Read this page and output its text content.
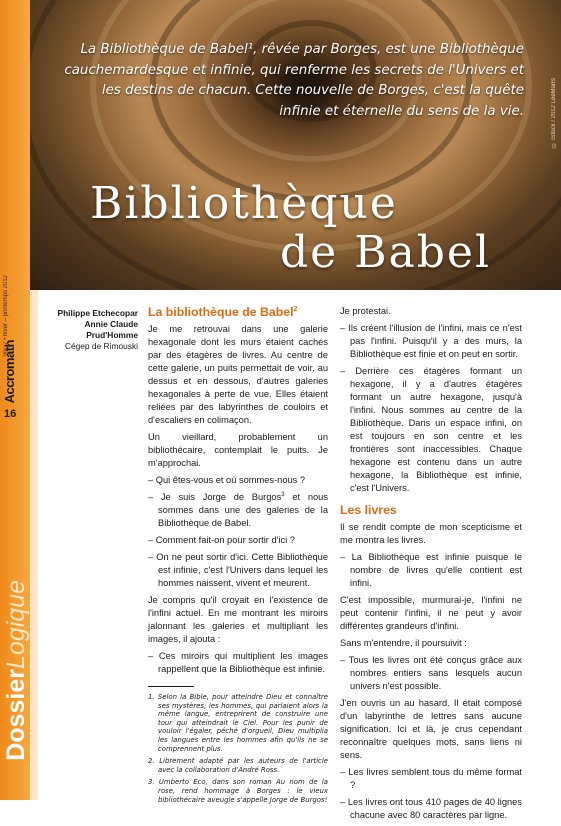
La Bibliothèque de Babel¹, rêvée par Borges, est une Bibliothèque cauchemardesque et infinie, qui renferme les secrets de l'Univers et les destins de chacun. Cette nouvelle de Borges, c'est la quête infinie et éternelle du sens de la vie.	© iStock / 2012 LeeMarrs
Bibliothèque
de Babel
Vol. 7 • hiver – printemps 2012
Accromath
16
DossierLogique
Philippe Etchecopar
Annie Claude
Prud'Homme
Cégep de Rimouski
La bibliothèque de Babel$^2$

Je me retrouvai dans une galerie hexagonale dont les murs étaient cachés par des étagères de livres. Au centre de cette galerie, un puits permettait de voir, au dessus et en dessous, d'autres galeries hexagonales à perte de vue. Elles étaient reliées par des labyrinthes de couloirs et d'escaliers en colimaçon.

Un vieillard, probablement un bibliothécaire, contemplait le puits. Je m'approchai.

– Qui êtes-vous et où sommes-nous ?

– Je suis Jorge de Burgos$^3$ et nous sommes dans une des galeries de la Bibliothèque de Babel.

– Comment fait-on pour sortir d'ici ?

– On ne peut sortir d'ici. Cette Bibliothèque est infinie, c'est l'Univers dans lequel les hommes naissent, vivent et meurent.

Je compris qu'il croyait en l'existence de l'infini actuel. En me montrant les miroirs jalonnant les galeries et multipliant les images, il ajouta :

– Ces miroirs qui multiplient les images rappellent que la Bibliothèque est infinie.

1. Selon la Bible, pour atteindre Dieu et connaître ses mystères, les hommes, qui parlaient alors la même langue, entreprirent de construire une tour qui atteindrait le Ciel. Pour les punir de vouloir l'égaler, péché d'orgueil, Dieu multiplia les langues entre les hommes afin qu'ils ne se comprennent plus.

2. Librement adapté par les auteurs de l'article avec la collaboration d'André Ross.

3. Umberto Eco, dans son roman Au nom de la rose, rend hommage à Borges : le vieux bibliothécaire aveugle s'appelle Jorge de Burgos!

Je protestai.

– Ils créent l'illusion de l'infini, mais ce n'est pas l'infini. Puisqu'il y a des murs, la Bibliothèque est finie et on peut en sortir.

– Derrière ces étagères formant un hexagone, il y a d'autres étagères formant un autre hexagone, jusqu'à l'infini. Nous sommes au centre de la Bibliothèque. Dans un espace infini, on est toujours en son centre et les frontières sont inaccessibles. Chaque hexagone est contenu dans un autre hexagone, la Bibliothèque est infinie, c'est l'Univers.

Les livres

Il se rendit compte de mon scepticisme et me montra les livres.

– La Bibliothèque est infinie puisque le nombre de livres qu'elle contient est infini.

C'est impossible, murmurai-je, l'infini ne peut contenir l'infini, il ne peut y avoir différentes grandeurs d'infini.

Sans m'entendre, il poursuivit :

– Tous les livres ont été conçus grâce aux nombres entiers sans lesquels aucun univers n'est possible.

J'en ouvris un au hasard. Il était composé d'un labyrinthe de lettres sans aucune signification. Ici et là, je crus cependant reconnaître quelques mots, sans liens ni sens.

– Les livres semblent tous du même format ?

– Les livres ont tous 410 pages de 40 lignes chacune avec 80 caractères par ligne.
